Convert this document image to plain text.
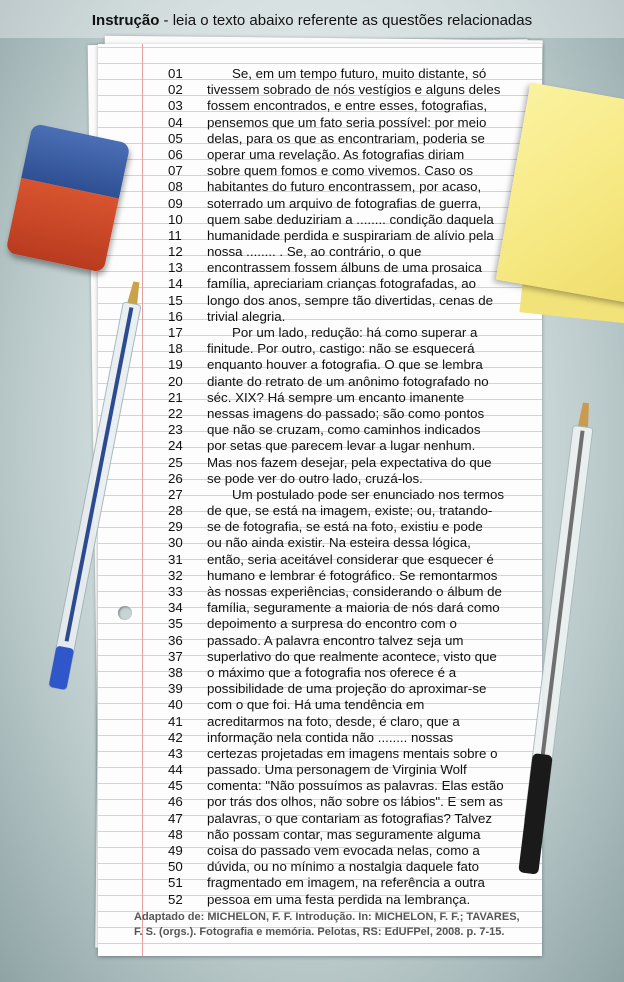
Instrução - leia o texto abaixo referente as questões relacionadas
01	Se, em um tempo futuro, muito distante, só
02	tivessem sobrado de nós vestígios e alguns deles
03	fossem encontrados, e entre esses, fotografias,
04	pensemos que um fato seria possível: por meio
05	delas, para os que as encontrariam, poderia se
06	operar uma revelação. As fotografias diriam
07	sobre quem fomos e como vivemos. Caso os
08	habitantes do futuro encontrassem, por acaso,
09	soterrado um arquivo de fotografias de guerra,
10	quem sabe deduziriam a ........ condição daquela
11	humanidade perdida e suspirariam de alívio pela
12	nossa ........ . Se, ao contrário, o que
13	encontrassem fossem álbuns de uma prosaica
14	família, apreciariam crianças fotografadas, ao
15	longo dos anos, sempre tão divertidas, cenas de
16	trivial alegria.
17	Por um lado, redução: há como superar a
18	finitude. Por outro, castigo: não se esquecerá
19	enquanto houver a fotografia. O que se lembra
20	diante do retrato de um anônimo fotografado no
21	séc. XIX? Há sempre um encanto imanente
22	nessas imagens do passado; são como pontos
23	que não se cruzam, como caminhos indicados
24	por setas que parecem levar a lugar nenhum.
25	Mas nos fazem desejar, pela expectativa do que
26	se pode ver do outro lado, cruzá-los.
27	Um postulado pode ser enunciado nos termos
28	de que, se está na imagem, existe; ou, tratando-
29	se de fotografia, se está na foto, existiu e pode
30	ou não ainda existir. Na esteira dessa lógica,
31	então, seria aceitável considerar que esquecer é
32	humano e lembrar é fotográfico. Se remontarmos
33	às nossas experiências, considerando o álbum de
34	família, seguramente a maioria de nós dará como
35	depoimento a surpresa do encontro com o
36	passado. A palavra encontro talvez seja um
37	superlativo do que realmente acontece, visto que
38	o máximo que a fotografia nos oferece é a
39	possibilidade de uma projeção do aproximar-se
40	com o que foi. Há uma tendência em
41	acreditarmos na foto, desde, é claro, que a
42	informação nela contida não ........ nossas
43	certezas projetadas em imagens mentais sobre o
44	passado. Uma personagem de Virginia Wolf
45	comenta: "Não possuímos as palavras. Elas estão
46	por trás dos olhos, não sobre os lábios". E sem as
47	palavras, o que contariam as fotografias? Talvez
48	não possam contar, mas seguramente alguma
49	coisa do passado vem evocada nelas, como a
50	dúvida, ou no mínimo a nostalgia daquele fato
51	fragmentado em imagem, na referência a outra
52	pessoa em uma festa perdida na lembrança.
Adaptado de: MICHELON, F. F. Introdução. In: MICHELON, F. F.; TAVARES,
F. S. (orgs.). Fotografia e memória. Pelotas, RS: EdUFPel, 2008. p. 7-15.
